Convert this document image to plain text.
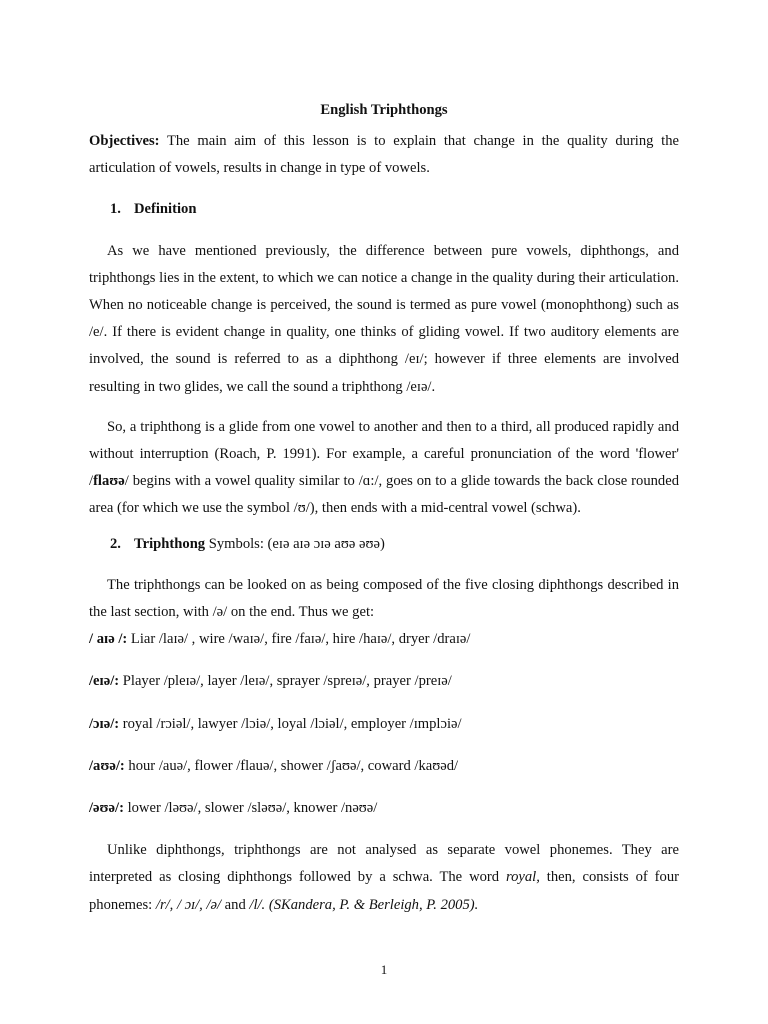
English Triphthongs

Objectives: The main aim of this lesson is to explain that change in the quality during the articulation of vowels, results in change in type of vowels.

1. Definition

As we have mentioned previously, the difference between pure vowels, diphthongs, and triphthongs lies in the extent, to which we can notice a change in the quality during their articulation. When no noticeable change is perceived, the sound is termed as pure vowel (monophthong) such as /e/. If there is evident change in quality, one thinks of gliding vowel. If two auditory elements are involved, the sound is referred to as a diphthong /eɪ/; however if three elements are involved resulting in two glides, we call the sound a triphthong /eɪə/.

So, a triphthong is a glide from one vowel to another and then to a third, all produced rapidly and without interruption (Roach, P. 1991). For example, a careful pronunciation of the word 'flower' /flaʊə/ begins with a vowel quality similar to /ɑ:/, goes on to a glide towards the back close rounded area (for which we use the symbol /ʊ/), then ends with a mid-central vowel (schwa).

2. Triphthong Symbols: (eɪə aɪə ɔɪə aʊə əʊə)

The triphthongs can be looked on as being composed of the five closing diphthongs described in the last section, with /ə/ on the end. Thus we get:

/ aɪə /: Liar /laɪə/ , wire /waɪə/, fire /faɪə/, hire /haɪə/, dryer /draɪə/

/eɪə/: Player /pleɪə/, layer /leɪə/, sprayer /spreɪə/, prayer /preɪə/

/ɔɪə/: royal /rɔiəl/, lawyer /lɔiə/, loyal /lɔiəl/, employer /ɪmplɔiə/

/aʊə/: hour /auə/, flower /flauə/, shower /ʃaʊə/, coward /kaʊəd/

/əʊə/: lower /ləʊə/, slower /sləʊə/, knower /nəʊə/

Unlike diphthongs, triphthongs are not analysed as separate vowel phonemes. They are interpreted as closing diphthongs followed by a schwa. The word royal, then, consists of four phonemes: /r/, / ɔɪ/, /ə/ and /l/. (SKandera, P. & Berleigh, P. 2005).

1
